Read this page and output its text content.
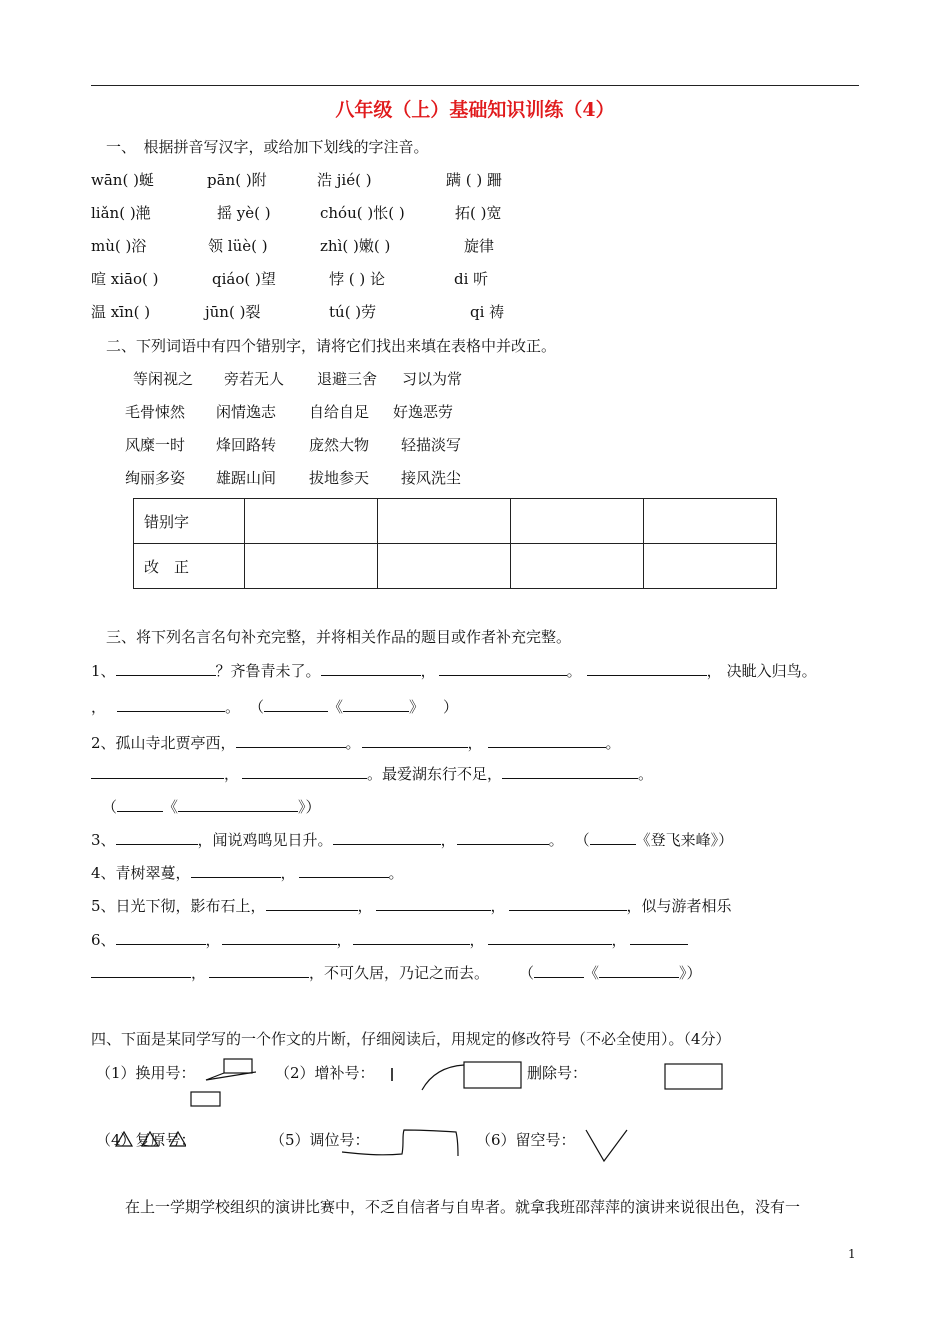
八年级（上）基础知识训练（4）
一、　根据拼音写汉字，或给加下划线的字注音。
wān( )蜒	pān( )附	浩 jié( )	蹒 ( ) 跚
liǎn( )滟	摇 yè( )	chóu( )怅( )	拓( )宽
mù( )浴	领 lüè( )	zhì( )嫩( )	旋律
喧 xiāo( )	qiáo( )望	悖 ( ) 论	di 听
温 xīn( )	jūn( )裂	tú( )劳	qi 祷
二、下列词语中有四个错别字，请将它们找出来填在表格中并改正。
等闲视之 旁若无人 退避三舍 习以为常
毛骨悚然 闲情逸志 自给自足 好逸恶劳
风糜一时 烽回路转 庞然大物 轻描淡写
绚丽多姿 雄踞山间 拔地参天 接风洗尘
错别字				
改　正				
三、将下列名言名句补充完整，并将相关作品的题目或作者补充完整。
1、	？齐鲁青未了。	，	。	， 决眦入归鸟。
，	。 （	《	》 ）
2、孤山寺北贾亭西，	。	，	。
，	。最爱湖东行不足，	。
（	《	》）
3、	，闻说鸡鸣见日升。	，	。 （	《登飞来峰》）
4、青树翠蔓，	，	。
5、日光下彻，影布石上，	，	，	，似与游者相乐
6、	，	，	，	，
，	，不可久居，乃记之而去。 （	《	》）
四、下面是某同学写的一个作文的片断，仔细阅读后，用规定的修改符号（不必全使用）。（4分）
（1）换用号：	（2）增补号：	删除号：
（4）复原号：	（5）调位号：	（6）留空号：
在上一学期学校组织的演讲比赛中，不乏自信者与自卑者。就拿我班邵萍萍的演讲来说很出色，没有一
1
